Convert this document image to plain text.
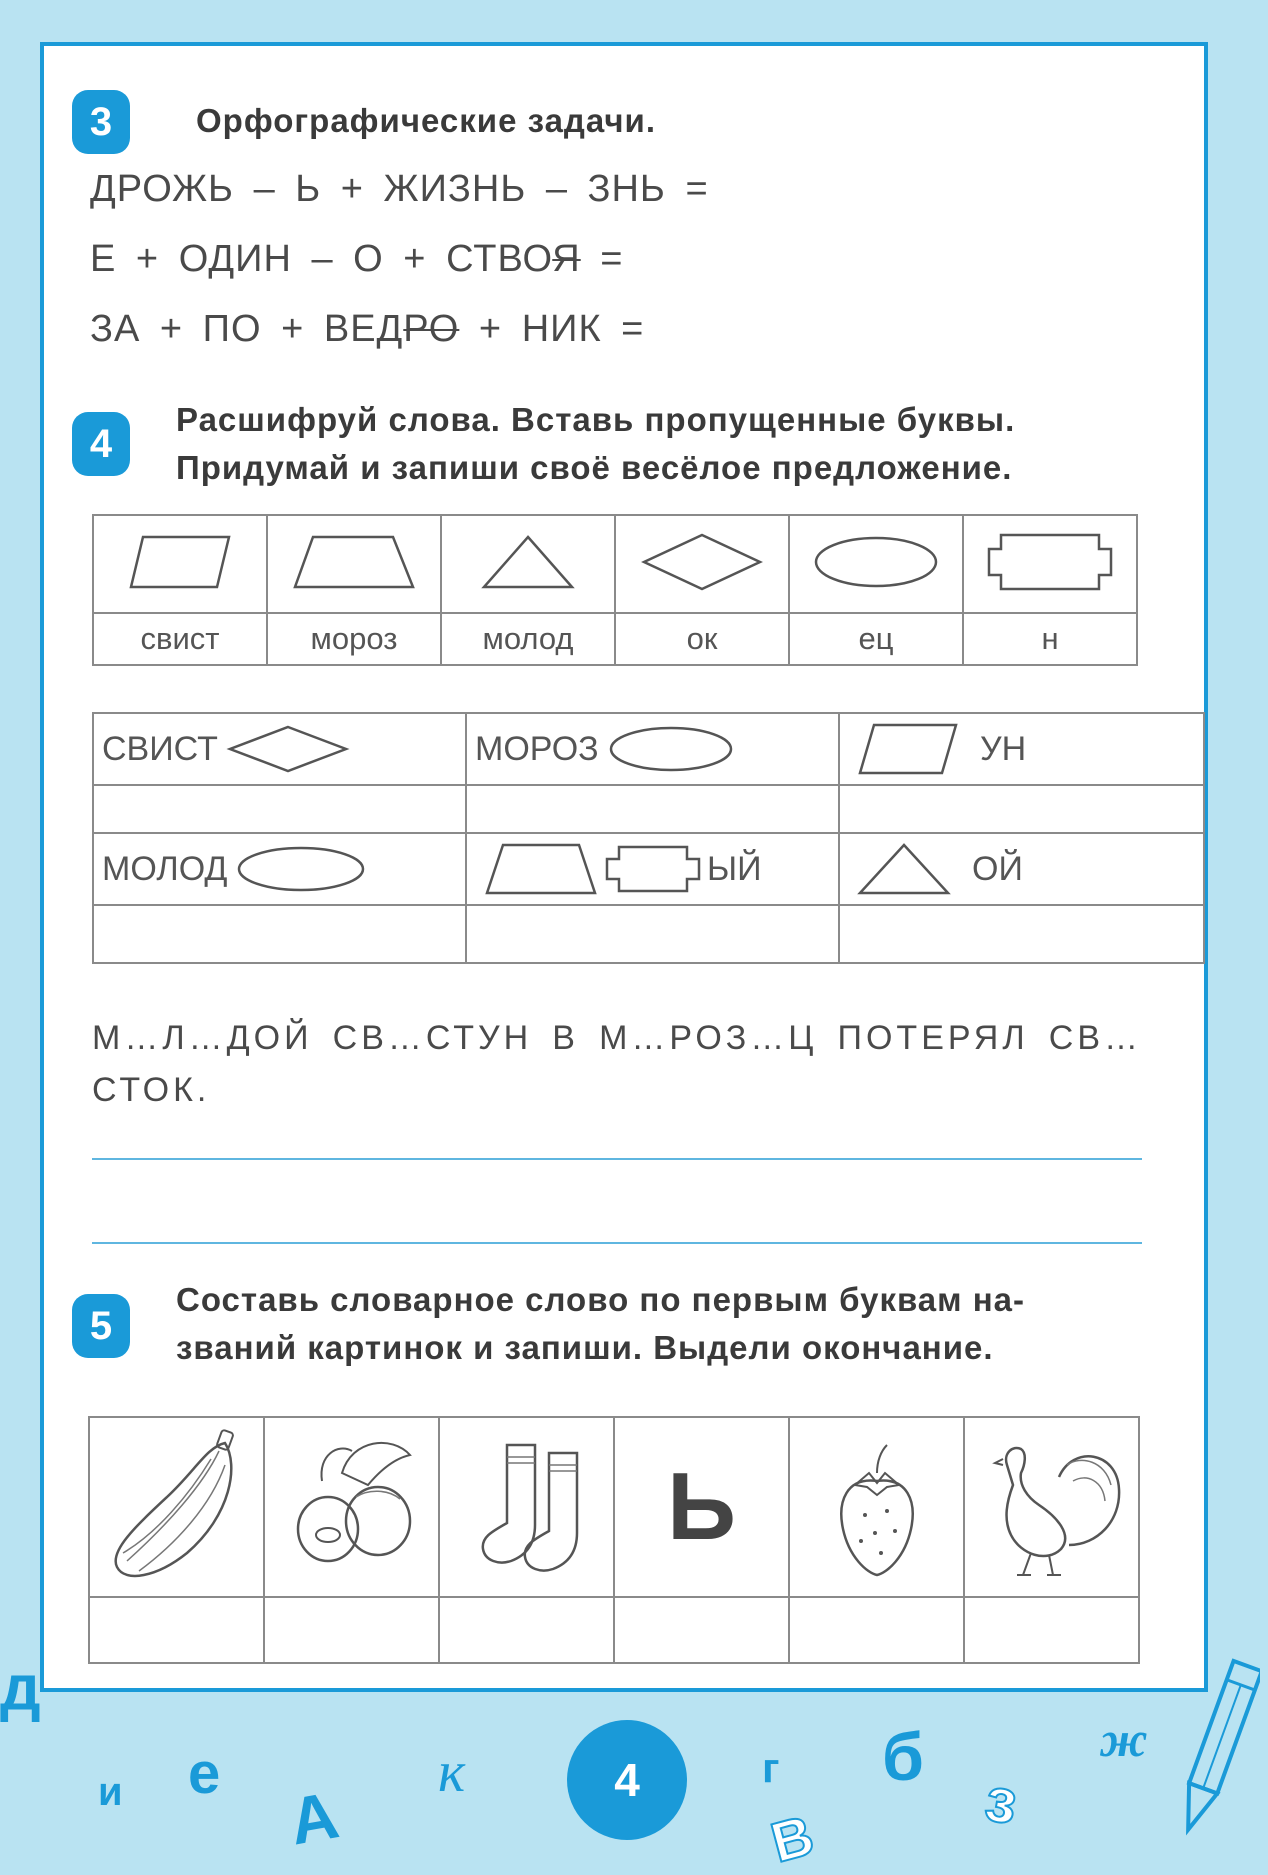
3	Орфографические задачи.
ДРОЖЬ – Ь + ЖИЗНЬ – ЗНЬ =
Е + ОДИН – О + СТВОЯ =
ЗА + ПО + ВЕДРО + НИК =
4
Расшифруй слова. Вставь пропущенные буквы.
Придумай и запиши своё весёлое предложение.

свист	мороз	молод	ок	ец	н
СВИСТ	МОРОЗ	УН

МОЛОД	ЫЙ	ОЙ

М…Л…ДОЙ СВ…СТУН В М…РОЗ…Ц ПОТЕРЯЛ СВ…СТОК.
5
Составь словарное слово по первым буквам на-
званий картинок и запиши. Выдели окончание.
			Ь		

д
и е
А
к	4	г
В
б
з
ж
